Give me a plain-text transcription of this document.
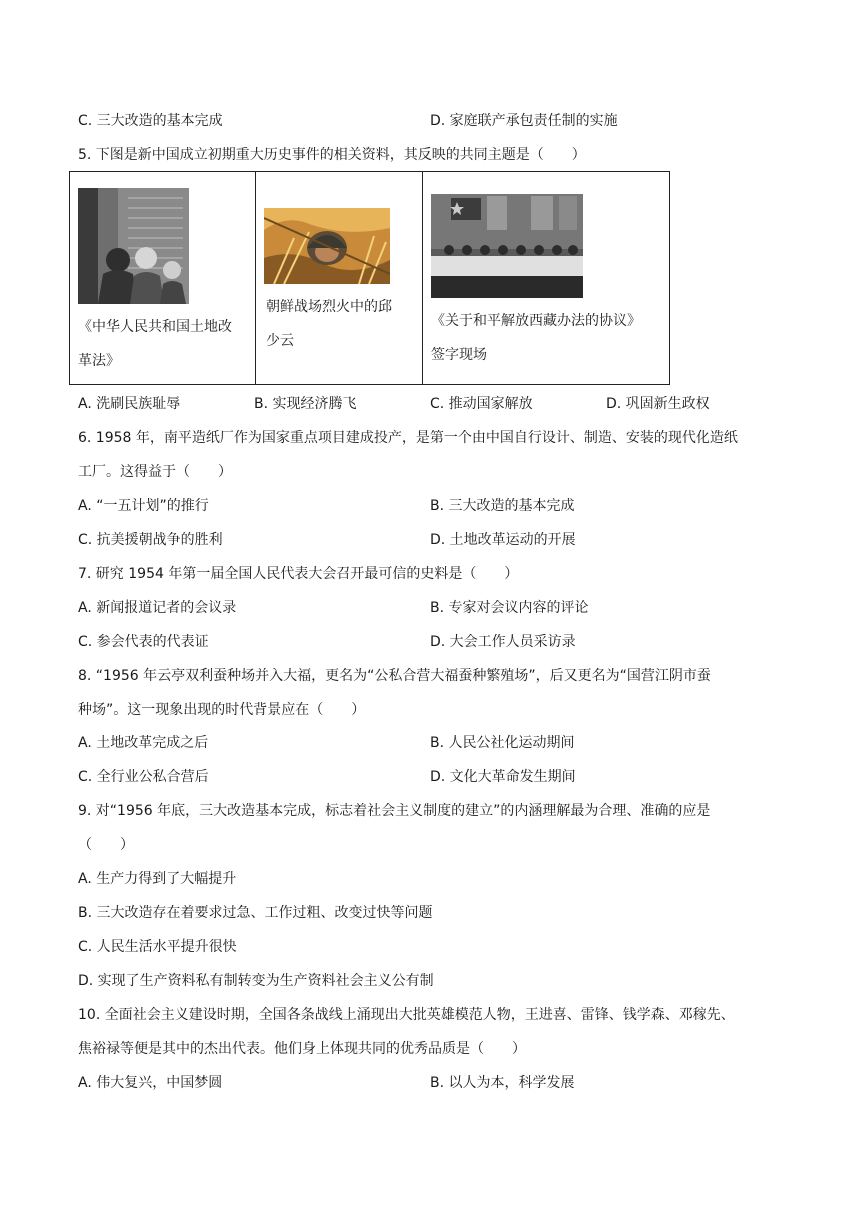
C. 三大改造的基本完成	D. 家庭联产承包责任制的实施
5. 下图是新中国成立初期重大历史事件的相关资料，其反映的共同主题是（　　）
《中华人民共和国土地改
革法》

朝鲜战场烈火中的邱
少云

《关于和平解放西藏办法的协议》
签字现场
A. 洗刷民族耻辱	B. 实现经济腾飞	C. 推动国家解放	D. 巩固新生政权
6. 1958 年，南平造纸厂作为国家重点项目建成投产，是第一个由中国自行设计、制造、安装的现代化造纸
工厂。这得益于（　　）
A. “一五计划”的推行	B. 三大改造的基本完成
C. 抗美援朝战争的胜利	D. 土地改革运动的开展
7. 研究 1954 年第一届全国人民代表大会召开最可信的史料是（　　）
A. 新闻报道记者的会议录	B. 专家对会议内容的评论
C. 参会代表的代表证	D. 大会工作人员采访录
8. “1956 年云亭双利蚕种场并入大福，更名为“公私合营大福蚕种繁殖场”，后又更名为“国营江阴市蚕
种场”。这一现象出现的时代背景应在（　　）
A. 土地改革完成之后	B. 人民公社化运动期间
C. 全行业公私合营后	D. 文化大革命发生期间
9. 对“1956 年底，三大改造基本完成，标志着社会主义制度的建立”的内涵理解最为合理、准确的应是
（　　）
A. 生产力得到了大幅提升
B. 三大改造存在着要求过急、工作过粗、改变过快等问题
C. 人民生活水平提升很快
D. 实现了生产资料私有制转变为生产资料社会主义公有制
10. 全面社会主义建设时期，全国各条战线上涌现出大批英雄模范人物，王进喜、雷锋、钱学森、邓稼先、
焦裕禄等便是其中的杰出代表。他们身上体现共同的优秀品质是（　　）
A. 伟大复兴，中国梦圆	B. 以人为本，科学发展
